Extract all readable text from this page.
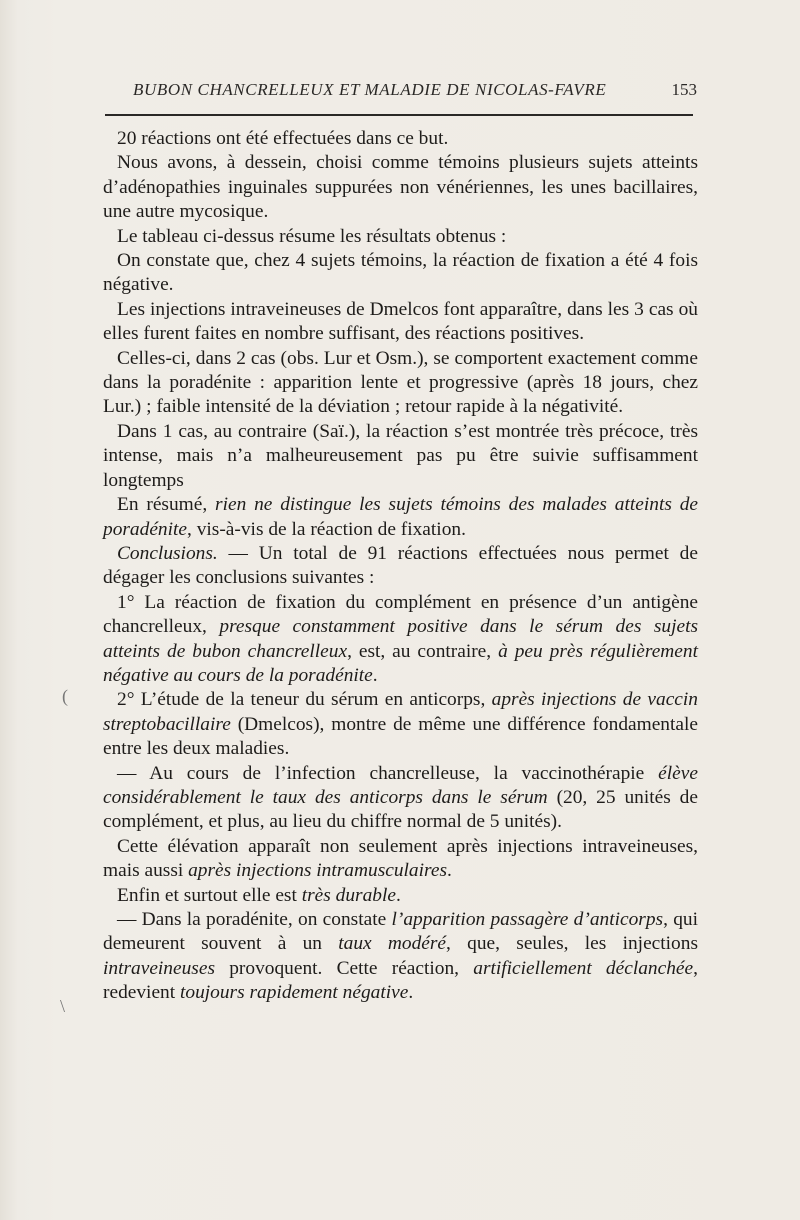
BUBON CHANCRELLEUX ET MALADIE DE NICOLAS-FAVRE	153

20 réactions ont été effectuées dans ce but.

Nous avons, à dessein, choisi comme témoins plusieurs sujets atteints d’adénopathies inguinales suppurées non vénériennes, les unes bacillaires, une autre mycosique.

Le tableau ci-dessus résume les résultats obtenus :

On constate que, chez 4 sujets témoins, la réaction de fixation a été 4 fois négative.

Les injections intraveineuses de Dmelcos font apparaître, dans les 3 cas où elles furent faites en nombre suffisant, des réactions positives.

Celles-ci, dans 2 cas (obs. Lur et Osm.), se comportent exactement comme dans la poradénite : apparition lente et progressive (après 18 jours, chez Lur.) ; faible intensité de la déviation ; retour rapide à la négativité.

Dans 1 cas, au contraire (Saï.), la réaction s’est montrée très précoce, très intense, mais n’a malheureusement pas pu être suivie suffisamment longtemps

En résumé, rien ne distingue les sujets témoins des malades atteints de poradénite, vis-à-vis de la réaction de fixation.

Conclusions. — Un total de 91 réactions effectuées nous permet de dégager les conclusions suivantes :

1° La réaction de fixation du complément en présence d’un antigène chancrelleux, presque constamment positive dans le sérum des sujets atteints de bubon chancrelleux, est, au contraire, à peu près régulièrement négative au cours de la poradénite.

2° L’étude de la teneur du sérum en anticorps, après injections de vaccin streptobacillaire (Dmelcos), montre de même une différence fondamentale entre les deux maladies.

— Au cours de l’infection chancrelleuse, la vaccinothérapie élève considérablement le taux des anticorps dans le sérum (20, 25 unités de complément, et plus, au lieu du chiffre normal de 5 unités).

Cette élévation apparaît non seulement après injections intraveineuses, mais aussi après injections intramusculaires.

Enfin et surtout elle est très durable.

— Dans la poradénite, on constate l’apparition passagère d’anticorps, qui demeurent souvent à un taux modéré, que, seules, les injections intraveineuses provoquent. Cette réaction, artificiellement déclanchée, redevient toujours rapidement négative.

(
\
